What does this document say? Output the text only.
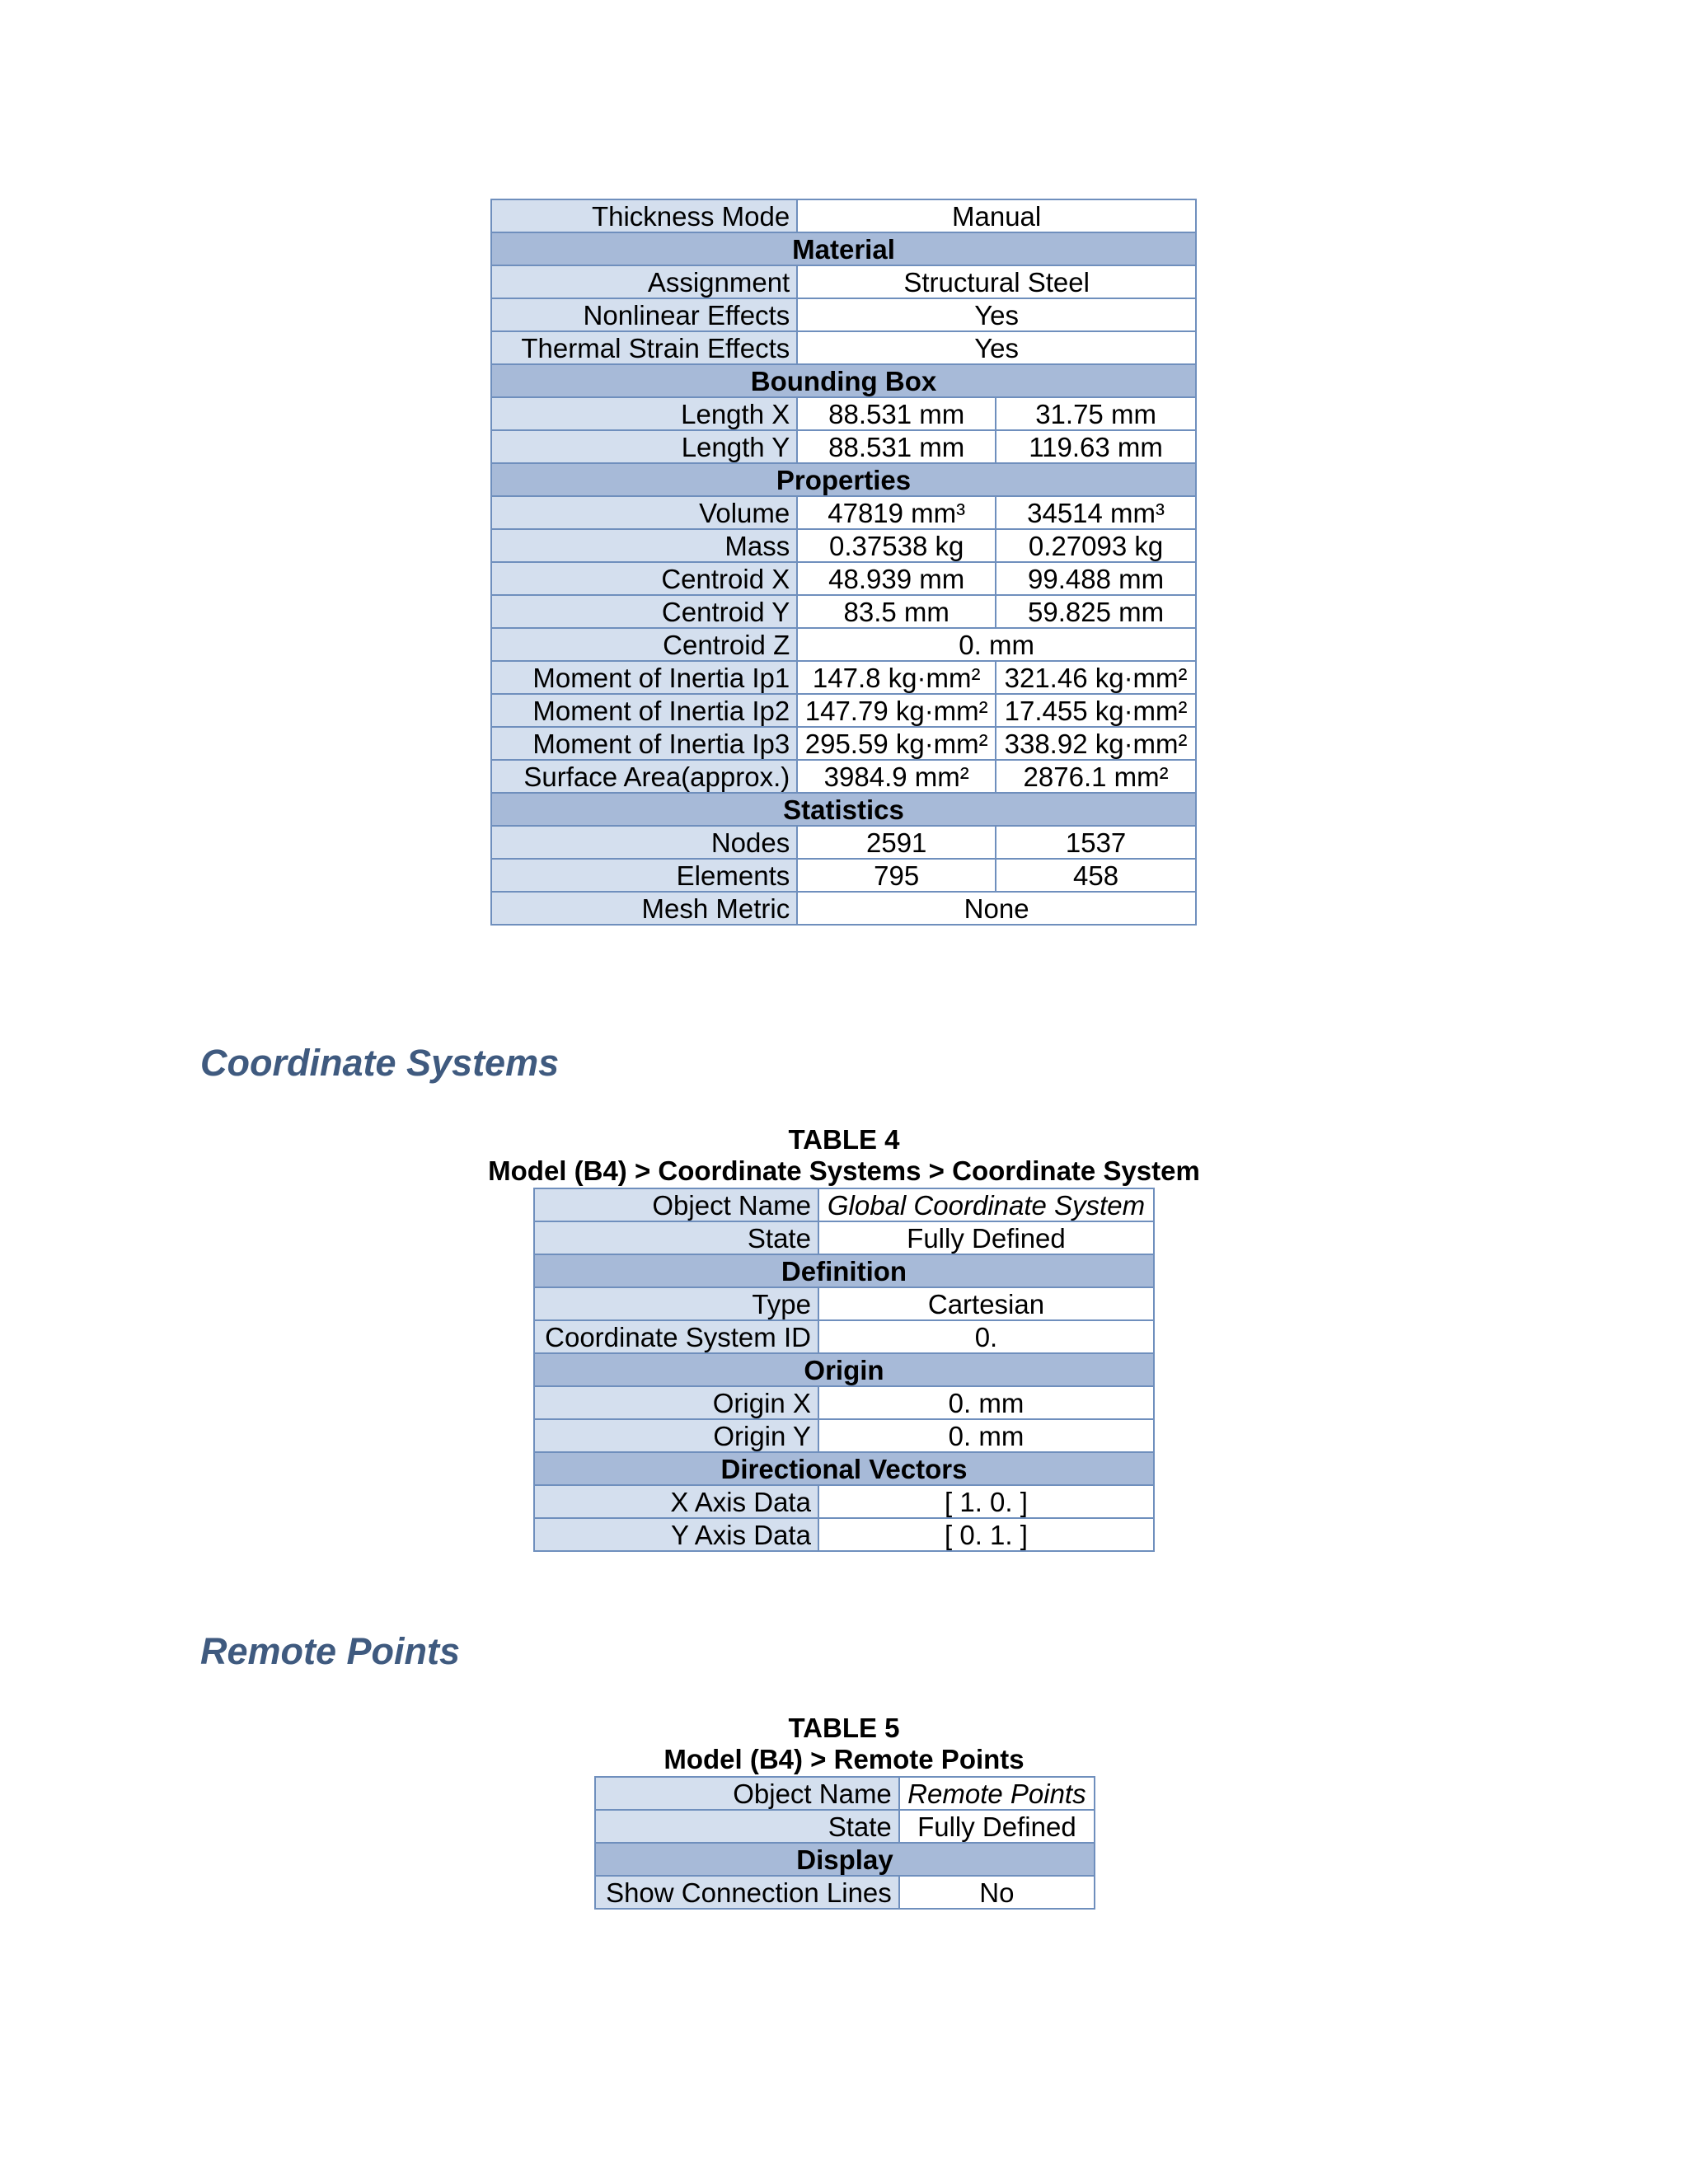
Thickness Mode	Manual	
Material		
Assignment	Structural Steel	
Nonlinear Effects	Yes	
Thermal Strain Effects	Yes	
Bounding Box		
Length X	88.531 mm	31.75 mm
Length Y	88.531 mm	119.63 mm
Properties		
Volume	47819 mm³	34514 mm³
Mass	0.37538 kg	0.27093 kg
Centroid X	48.939 mm	99.488 mm
Centroid Y	83.5 mm	59.825 mm
Centroid Z	0. mm	
Moment of Inertia Ip1	147.8 kg·mm²	321.46 kg·mm²
Moment of Inertia Ip2	147.79 kg·mm²	17.455 kg·mm²
Moment of Inertia Ip3	295.59 kg·mm²	338.92 kg·mm²
Surface Area(approx.)	3984.9 mm²	2876.1 mm²
Statistics		
Nodes	2591	1537
Elements	795	458
Mesh Metric	None	
Coordinate Systems
TABLE 4
Model (B4) > Coordinate Systems > Coordinate System
Object Name	Global Coordinate System
State	Fully Defined
Definition	
Type	Cartesian
Coordinate System ID	0.
Origin	
Origin X	0. mm
Origin Y	0. mm
Directional Vectors	
X Axis Data	[ 1. 0. ]
Y Axis Data	[ 0. 1. ]
Remote Points
TABLE 5
Model (B4) > Remote Points
Object Name	Remote Points
State	Fully Defined
Display	
Show Connection Lines	No
